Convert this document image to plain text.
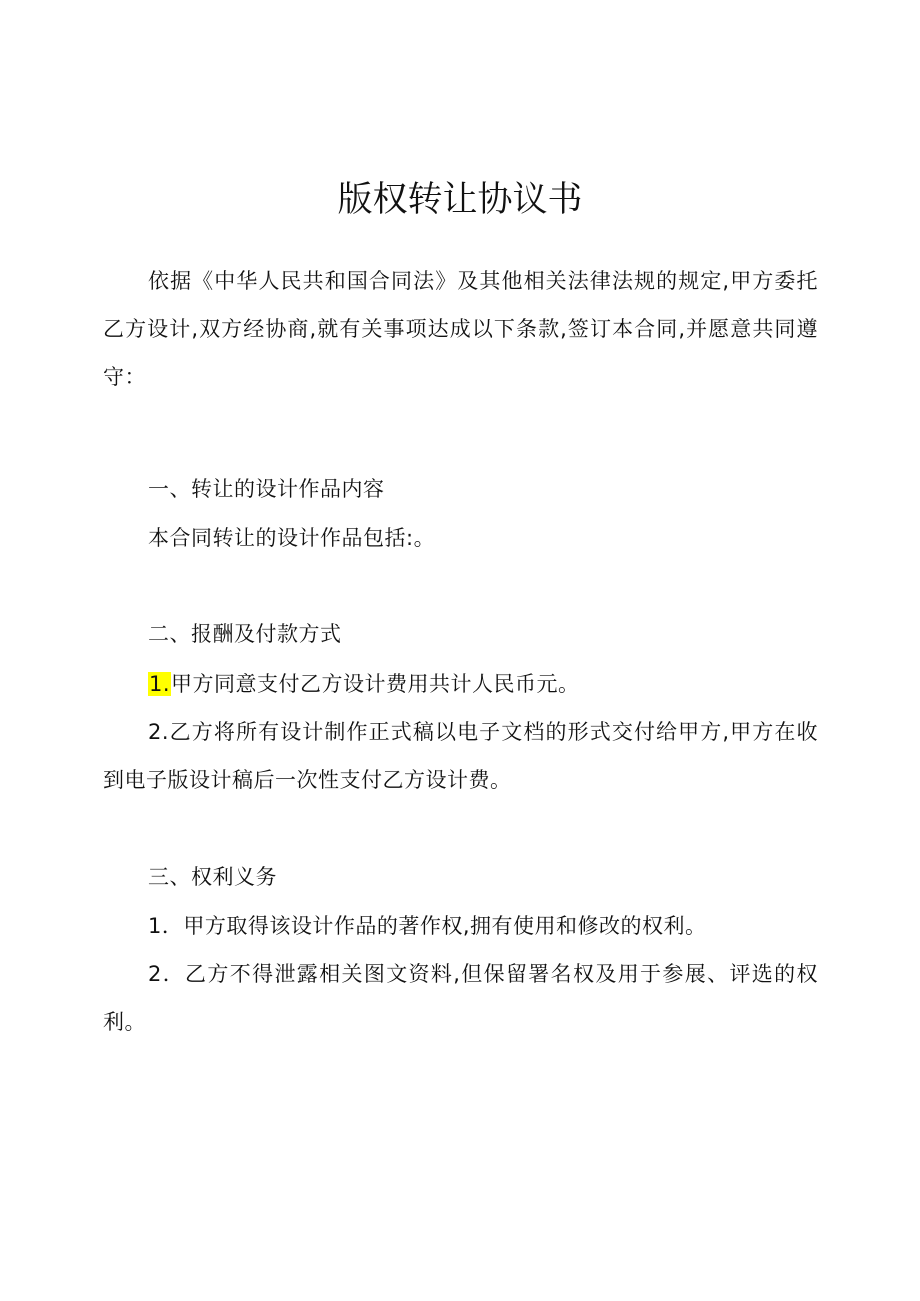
版权转让协议书

依据《中华人民共和国合同法》及其他相关法律法规的规定,甲方委托乙方设计,双方经协商,就有关事项达成以下条款,签订本合同,并愿意共同遵守：

一、转让的设计作品内容

本合同转让的设计作品包括:。

二、报酬及付款方式

1.甲方同意支付乙方设计费用共计人民币元。

2.乙方将所有设计制作正式稿以电子文档的形式交付给甲方,甲方在收到电子版设计稿后一次性支付乙方设计费。

三、权利义务

1．甲方取得该设计作品的著作权,拥有使用和修改的权利。

2．乙方不得泄露相关图文资料,但保留署名权及用于参展、评选的权利。
